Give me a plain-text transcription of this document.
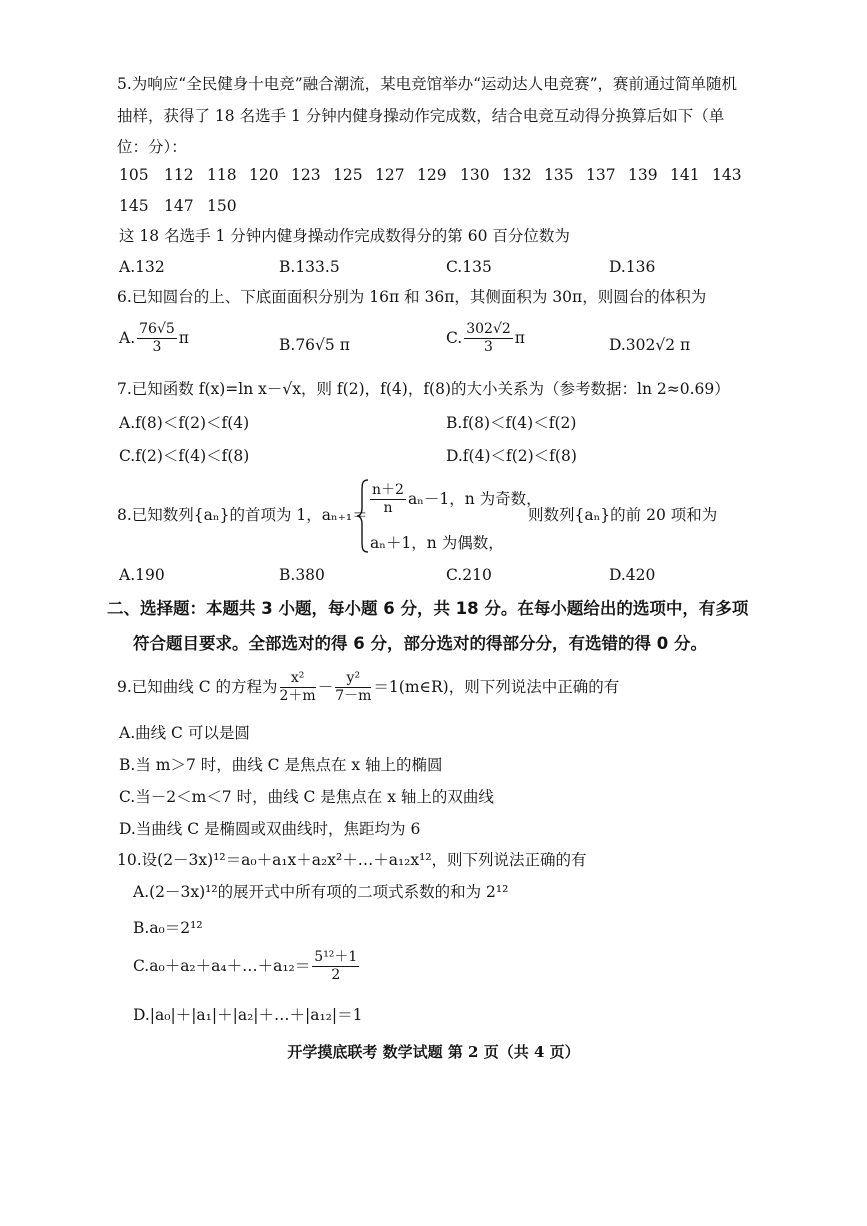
5.为响应“全民健身十电竞”融合潮流，某电竞馆举办“运动达人电竞赛”，赛前通过简单随机
抽样，获得了 18 名选手 1 分钟内健身操动作完成数，结合电竞互动得分换算后如下（单
位：分）：
105 112 118 120 123 125 127 129 130 132 135 137 139 141 143
145 147 150
这 18 名选手 1 分钟内健身操动作完成数得分的第 60 百分位数为
A.132	B.133.5	C.135	D.136
6.已知圆台的上、下底面面积分别为 16π 和 36π，其侧面积为 30π，则圆台的体积为
A. $\frac{76√5}{3}$ π	B.76√5 π	C. $\frac{302√2}{3}$ π	D.302√2 π
7.已知函数 f(x)=ln x－√x，则 f(2)，f(4)，f(8)的大小关系为（参考数据：ln 2≈0.69）
A.f(8)＜f(2)＜f(4)	B.f(8)＜f(4)＜f(2)
C.f(2)＜f(4)＜f(8)	D.f(4)＜f(2)＜f(8)
8.已知数列{aₙ}的首项为 1，$a_{n+1}= \frac{n+2}{n} a_n-1$，n 为奇数，
aₙ＋1，n 为偶数，
则数列{aₙ}的前 20 项和为
A.190	B.380	C.210	D.420
二、选择题：本题共 3 小题，每小题 6 分，共 18 分。在每小题给出的选项中，有多项
符合题目要求。全部选对的得 6 分，部分选对的得部分分，有选错的得 0 分。
9.已知曲线 C 的方程为 $\frac{\text{x²}}{2+m} - \frac{\text{y²}}{7-m}$ ＝1(m∈R)，则下列说法中正确的有
A.曲线 C 可以是圆
B.当 m＞7 时，曲线 C 是焦点在 x 轴上的椭圆
C.当－2＜m＜7 时，曲线 C 是焦点在 x 轴上的双曲线
D.当曲线 C 是椭圆或双曲线时，焦距均为 6
10.设(2－3x)¹²＝a₀＋a₁x＋a₂x²＋…＋a₁₂x¹²，则下列说法正确的有
A.(2－3x)¹²的展开式中所有项的二项式系数的和为 2¹²
B.a₀＝2¹²
C.a₀＋a₂＋a₄＋…＋a₁₂＝ $\frac{\text{5¹²＋1}}{2}$
D.|a₀|＋|a₁|＋|a₂|＋…＋|a₁₂|＝1
开学摸底联考 数学试题 第 2 页（共 4 页）
